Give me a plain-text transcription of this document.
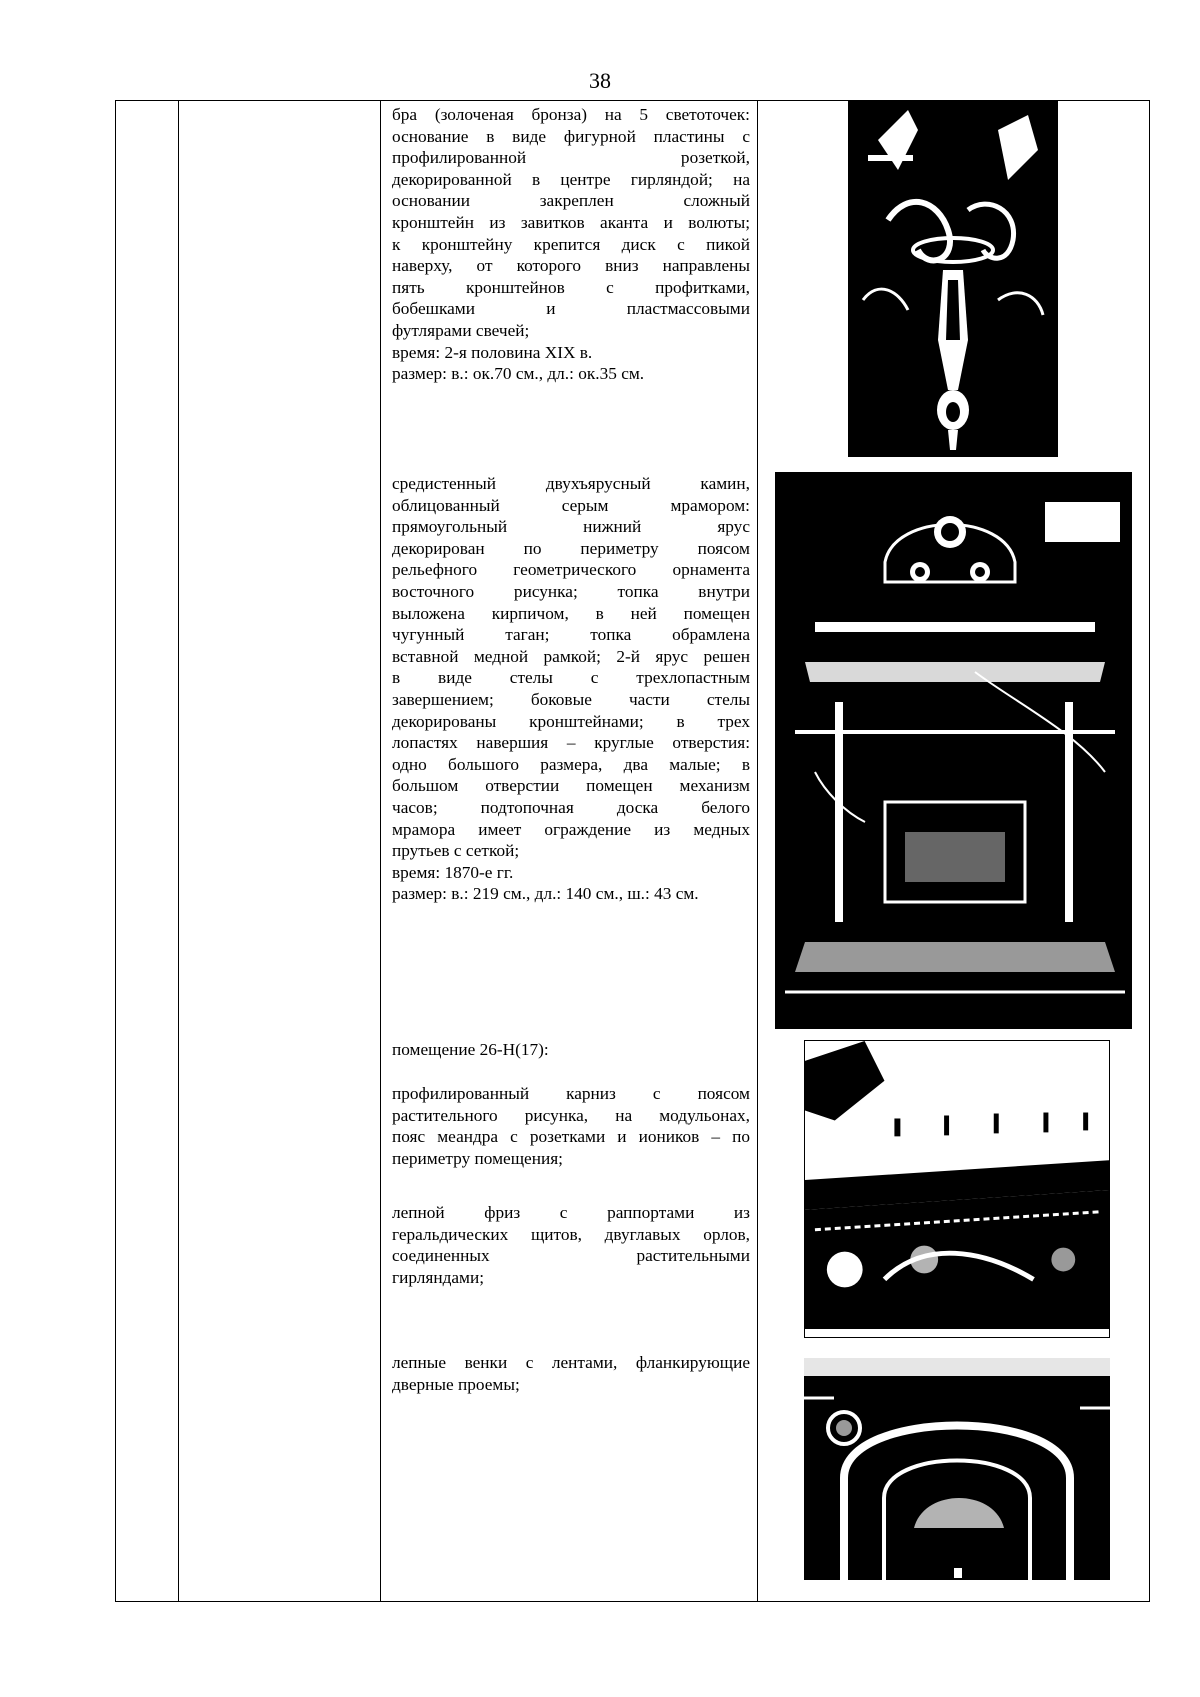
38

бра (золоченая бронза) на 5 светоточек:

основание в виде фигурной пластины с

профилированной розеткой,

декорированной в центре гирляндой; на

основании закреплен сложный

кронштейн из завитков аканта и волюты;

к кронштейну крепится диск с пикой

наверху, от которого вниз направлены

пять кронштейнов с профитками,

бобешками и пластмассовыми

футлярами свечей;

время: 2-я половина XIX в.

размер: в.: ок.70 см., дл.: ок.35 см.

средистенный двухъярусный камин,

облицованный серым мрамором:

прямоугольный нижний ярус

декорирован по периметру поясом

рельефного геометрического орнамента

восточного рисунка; топка внутри

выложена кирпичом, в ней помещен

чугунный таган; топка обрамлена

вставной медной рамкой; 2-й ярус решен

в виде стелы с трехлопастным

завершением; боковые части стелы

декорированы кронштейнами; в трех

лопастях навершия – круглые отверстия:

одно большого размера, два малые; в

большом отверстии помещен механизм

часов; подтопочная доска белого

мрамора имеет ограждение из медных

прутьев с сеткой;

время: 1870-е гг.

размер: в.: 219 см., дл.: 140 см., ш.: 43 см.

помещение 26-Н(17):

профилированный карниз с поясом

растительного рисунка, на модульонах,

пояс меандра с розетками и иоников – по

периметру помещения;

лепной фриз с раппортами из

геральдических щитов, двуглавых орлов,

соединенных растительными

гирляндами;

лепные венки с лентами, фланкирующие

дверные проемы;
